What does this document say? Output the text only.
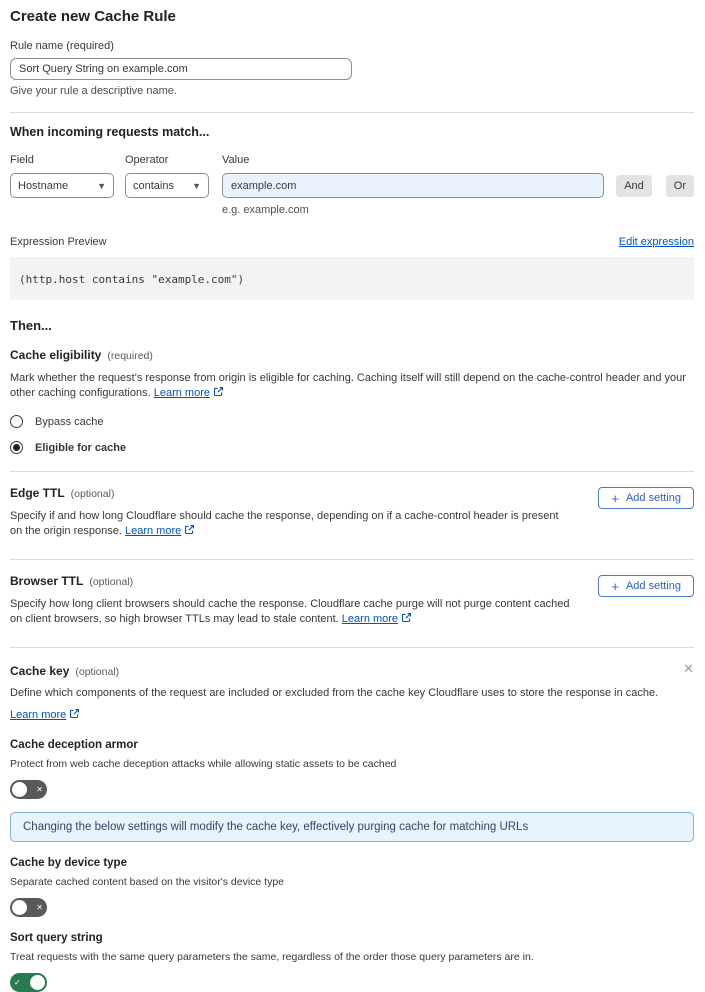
Create new Cache Rule
Rule name (required)
Sort Query String on example.com
Give your rule a descriptive name.
When incoming requests match...
Field
Hostname	▼
Operator
contains ▼
Value
example.com
And	Or
e.g. example.com
Expression Preview	Edit expression
(http.host contains "example.com")
Then...
Cache eligibility (required)
Mark whether the request's response from origin is eligible for caching. Caching itself will still depend on the cache-control header and your other caching configurations. Learn more
Bypass cache
Eligible for cache
Edge TTL (optional)	+ Add setting
Specify if and how long Cloudflare should cache the response, depending on if a cache-control header is present on the origin response. Learn more
Browser TTL (optional)	+ Add setting
Specify how long client browsers should cache the response. Cloudflare cache purge will not purge content cached on client browsers, so high browser TTLs may lead to stale content. Learn more
Cache key (optional)	✕
Define which components of the request are included or excluded from the cache key Cloudflare uses to store the response in cache.
Learn more
Cache deception armor
Protect from web cache deception attacks while allowing static assets to be cached
✕
Changing the below settings will modify the cache key, effectively purging cache for matching URLs
Cache by device type
Separate cached content based on the visitor's device type
✕
Sort query string
Treat requests with the same query parameters the same, regardless of the order those query parameters are in.
✓
